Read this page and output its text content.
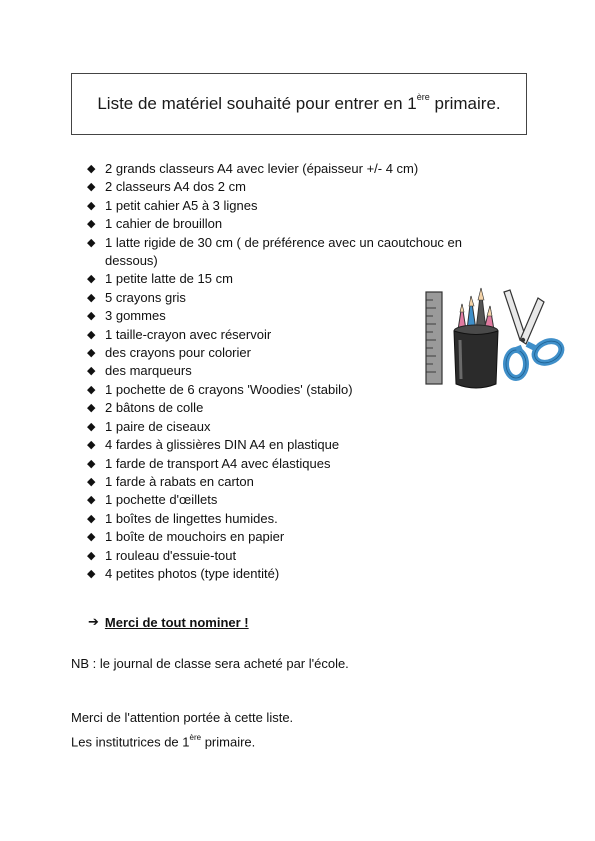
Liste de matériel souhaité pour entrer en 1ère primaire.
◆ 2 grands classeurs A4 avec levier (épaisseur +/- 4 cm)
◆ 2 classeurs A4 dos 2 cm
◆ 1 petit cahier A5 à 3 lignes
◆ 1 cahier de brouillon
◆ 1 latte rigide de 30 cm ( de préférence avec un caoutchouc en dessous)
◆ 1 petite latte de 15 cm
◆ 5 crayons gris
◆ 3 gommes
◆ 1 taille-crayon avec réservoir
◆ des crayons pour colorier
◆ des marqueurs
◆ 1 pochette de 6 crayons 'Woodies' (stabilo)
◆ 2 bâtons de colle
◆ 1 paire de ciseaux
◆ 4 fardes à glissières DIN A4 en plastique
◆ 1 farde de transport A4 avec élastiques
◆ 1 farde à rabats en carton
◆ 1 pochette d'œillets
◆ 1 boîtes de lingettes humides.
◆ 1 boîte de mouchoirs en papier
◆ 1 rouleau d'essuie-tout
◆ 4 petites photos (type identité)
➔ Merci de tout nominer !
NB : le journal de classe sera acheté par l'école.
Merci de l'attention portée à cette liste.
Les institutrices de 1ère primaire.
